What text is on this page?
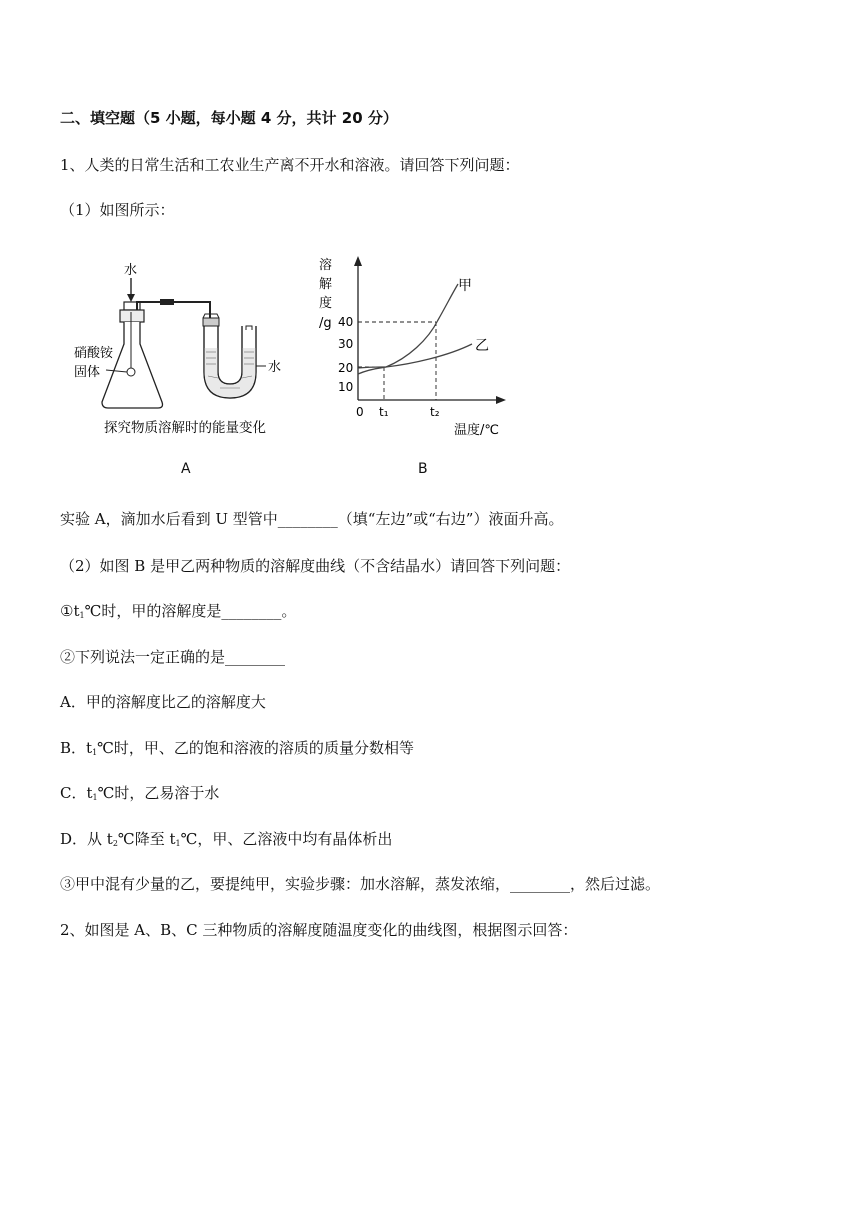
二、填空题（5 小题，每小题 4 分，共计 20 分）
1、人类的日常生活和工农业生产离不开水和溶液。请回答下列问题：
（1）如图所示：
水
硝酸铵
固体	水
探究物质溶解时的能量变化
A
溶
解
度
/g
10
20
30
40
0 t₁	t₂
温度/℃
甲
乙
B
实验 A，滴加水后看到 U 型管中________（填“左边”或“右边”）液面升高。
（2）如图 B 是甲乙两种物质的溶解度曲线（不含结晶水）请回答下列问题：
$①t_1℃$时，甲的溶解度是________。
②下列说法一定正确的是________
A．甲的溶解度比乙的溶解度大
B．$t_1℃$时，甲、乙的饱和溶液的溶质的质量分数相等
C．$t_1℃$时，乙易溶于水
D．从 $t_2℃$降至 $t_1℃$，甲、乙溶液中均有晶体析出
③甲中混有少量的乙，要提纯甲，实验步骤：加水溶解，蒸发浓缩，________，然后过滤。
2、如图是 A、B、C 三种物质的溶解度随温度变化的曲线图，根据图示回答：
